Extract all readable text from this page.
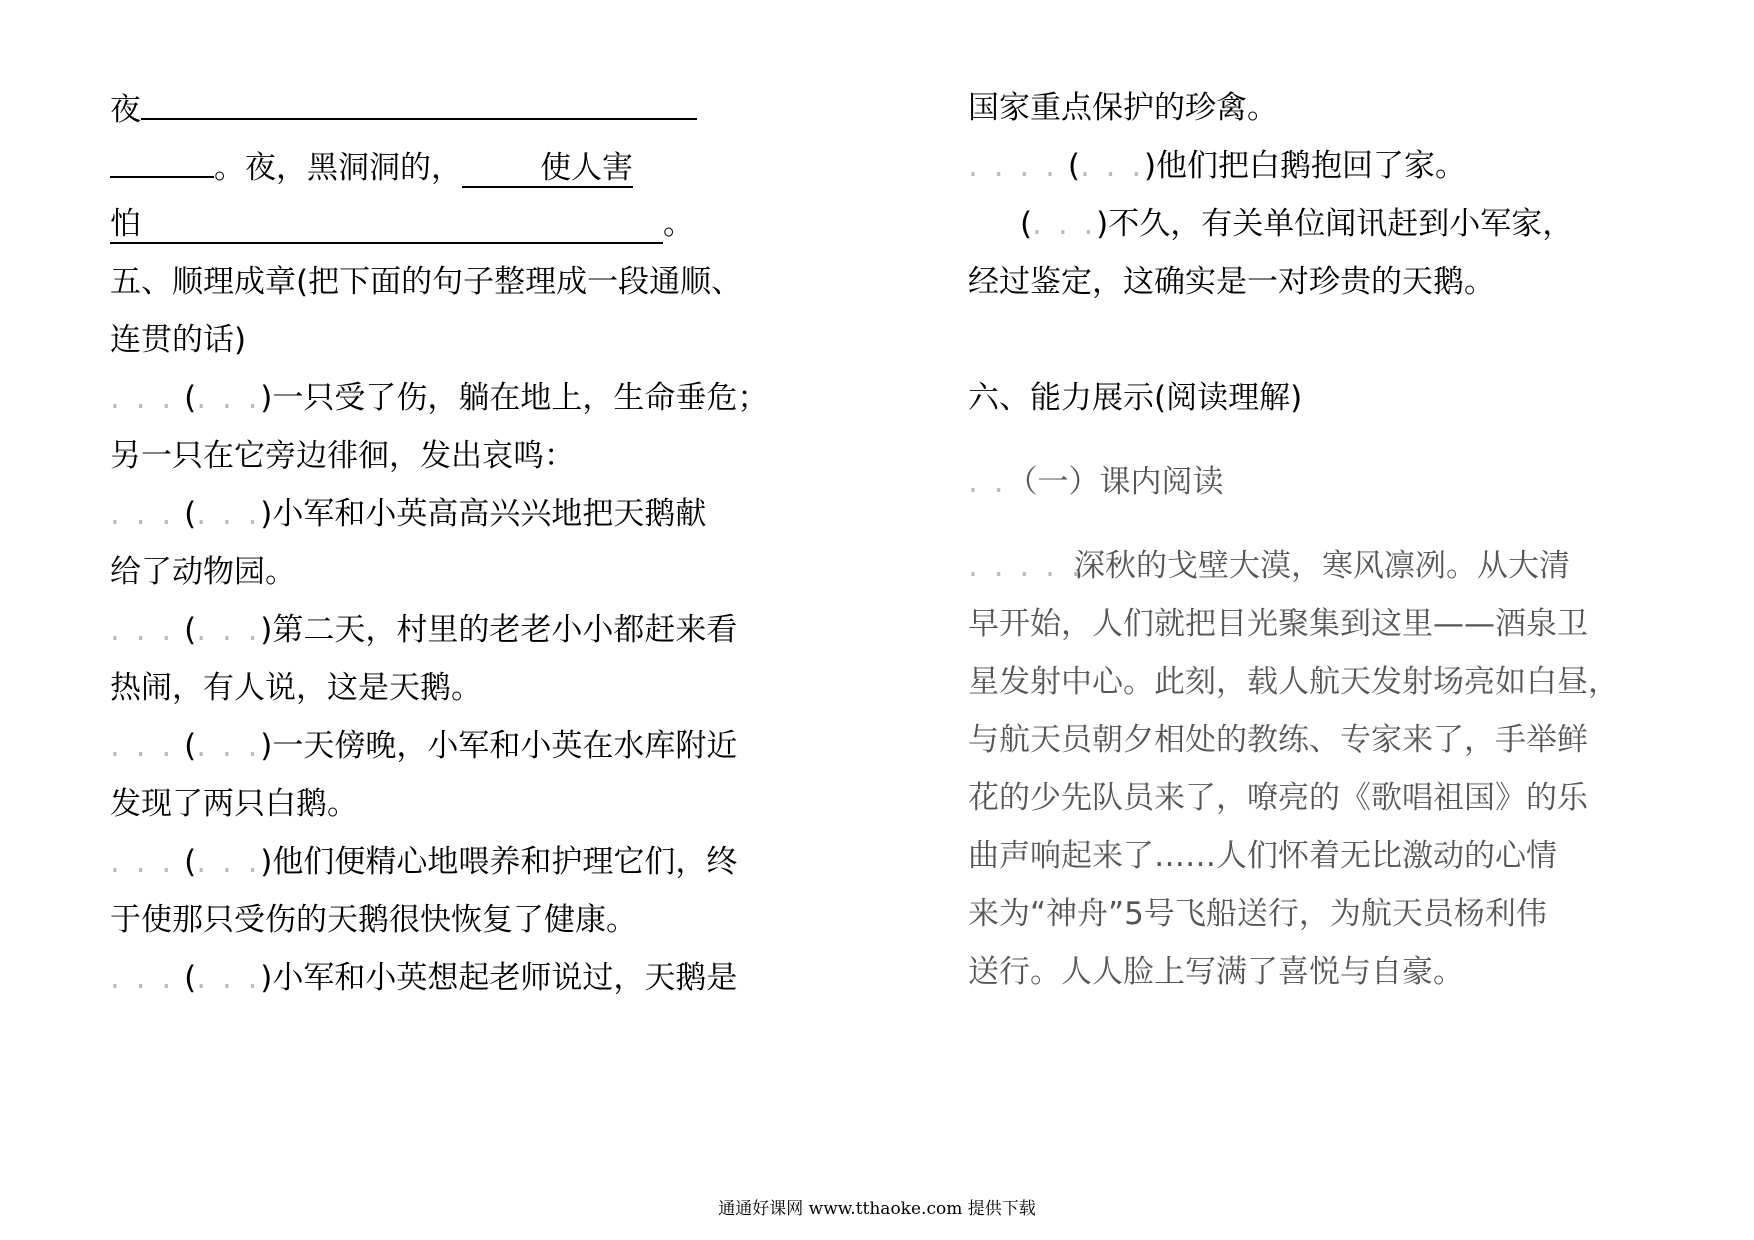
夜
。夜，黑洞洞的，	使人害
怕	。
五、顺理成章(把下面的句子整理成一段通顺、
连贯的话)
. . . (. . .)一只受了伤，躺在地上，生命垂危；
另一只在它旁边徘徊，发出哀鸣：
. . . (. . .)小军和小英高高兴兴地把天鹅献
给了动物园。
. . . (. . .)第二天，村里的老老小小都赶来看
热闹，有人说，这是天鹅。
. . . (. . .)一天傍晚，小军和小英在水库附近
发现了两只白鹅。
. . . (. . .)他们便精心地喂养和护理它们，终
于使那只受伤的天鹅很快恢复了健康。
. . . (. . .)小军和小英想起老师说过，天鹅是
国家重点保护的珍禽。
. . . . (. . .)他们把白鹅抱回了家。
(. . .)不久，有关单位闻讯赶到小军家，
经过鉴定，这确实是一对珍贵的天鹅。
六、能力展示(阅读理解)
. .（一）课内阅读
. . . . .深秋的戈壁大漠，寒风凛冽。从大清
早开始，人们就把目光聚集到这里——酒泉卫
星发射中心。此刻，载人航天发射场亮如白昼，
与航天员朝夕相处的教练、专家来了，手举鲜
花的少先队员来了，嘹亮的《歌唱祖国》的乐
曲声响起来了……人们怀着无比激动的心情
来为“神舟”5号飞船送行，为航天员杨利伟
送行。人人脸上写满了喜悦与自豪。
通通好课网 www.tthaoke.com 提供下载
